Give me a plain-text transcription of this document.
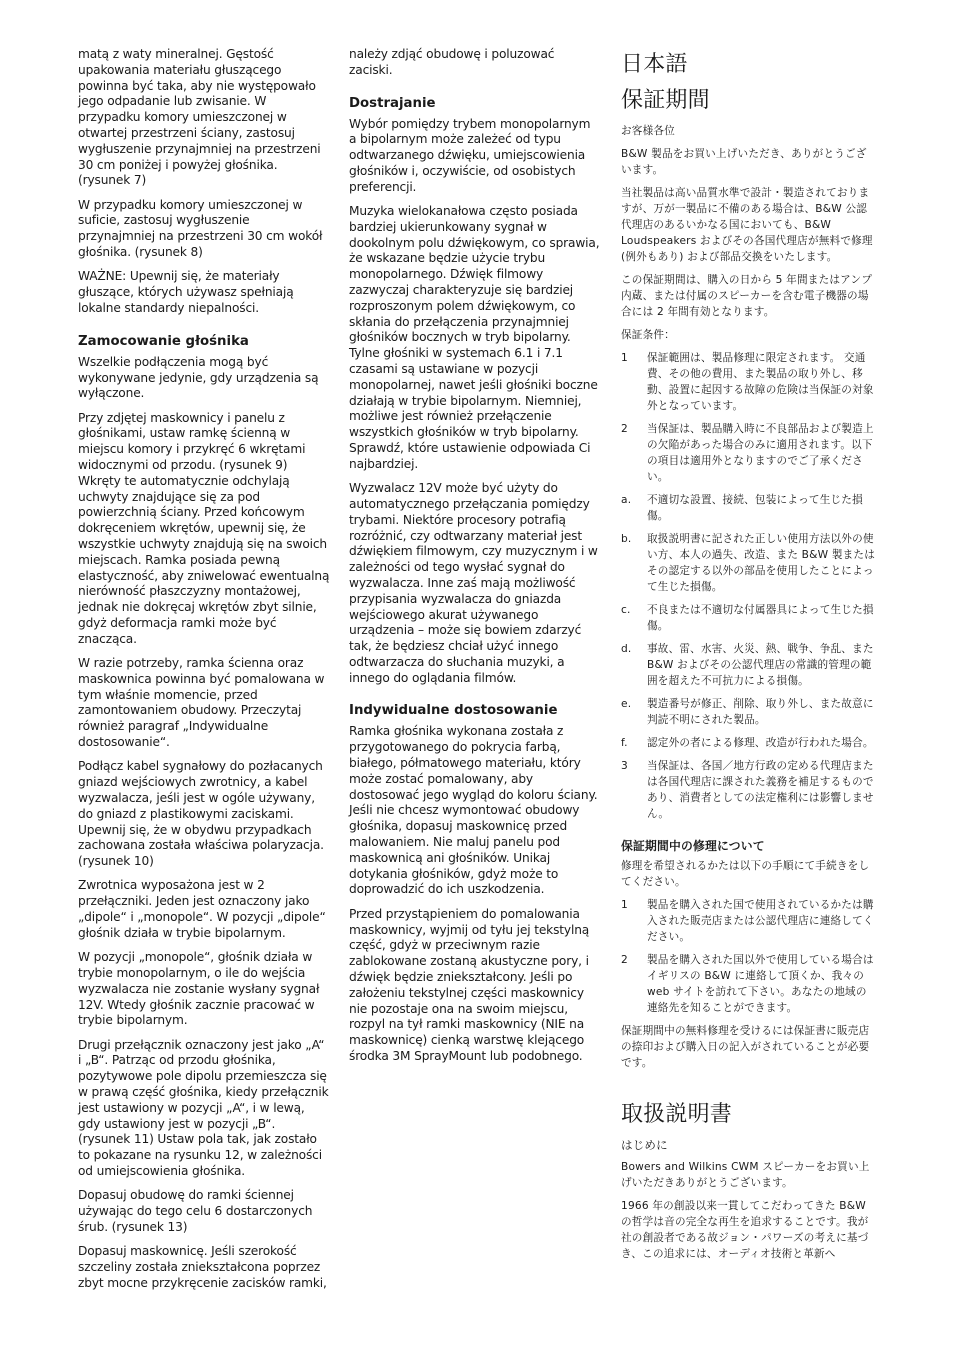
matą z waty mineralnej. Gęstość upakowania materiału głuszącego powinna być taka, aby nie występowało jego odpadanie lub zwisanie. W przypadku komory umieszczonej w otwartej przestrzeni ściany, zastosuj wygłuszenie przynajmniej na przestrzeni 30 cm poniżej i powyżej głośnika. (rysunek 7)

W przypadku komory umieszczonej w suficie, zastosuj wygłuszenie przynajmniej na przestrzeni 30 cm wokół głośnika. (rysunek 8)

WAŻNE: Upewnij się, że materiały głuszące, których używasz spełniają lokalne standardy niepalności.

Zamocowanie głośnika

Wszelkie podłączenia mogą być wykonywane jedynie, gdy urządzenia są wyłączone.

Przy zdjętej maskownicy i panelu z głośnikami, ustaw ramkę ścienną w miejscu komory i przykręć 6 wkrętami widocznymi od przodu. (rysunek 9) Wkręty te automatycznie odchylają uchwyty znajdujące się za pod powierzchnią ściany. Przed końcowym dokręceniem wkrętów, upewnij się, że wszystkie uchwyty znajdują się na swoich miejscach. Ramka posiada pewną elastyczność, aby zniwelować ewentualną nierówność płaszczyzny montażowej, jednak nie dokręcaj wkrętów zbyt silnie, gdyż deformacja ramki może być znacząca.

W razie potrzeby, ramka ścienna oraz maskownica powinna być pomalowana w tym właśnie momencie, przed zamontowaniem obudowy. Przeczytaj również paragraf „Indywidualne dostosowanie“.

Podłącz kabel sygnałowy do pozłacanych gniazd wejściowych zwrotnicy, a kabel wyzwalacza, jeśli jest w ogóle używany, do gniazd z plastikowymi zaciskami. Upewnij się, że w obydwu przypadkach zachowana została właściwa polaryzacja. (rysunek 10)

Zwrotnica wyposażona jest w 2 przełączniki. Jeden jest oznaczony jako „dipole“ i „monopole“. W pozycji „dipole“ głośnik działa w trybie bipolarnym.

W pozycji „monopole“, głośnik działa w trybie monopolarnym, o ile do wejścia wyzwalacza nie zostanie wysłany sygnał 12V. Wtedy głośnik zacznie pracować w trybie bipolarnym.

Drugi przełącznik oznaczony jest jako „A“ i „B“. Patrząc od przodu głośnika, pozytywowe pole dipolu przemieszcza się w prawą część głośnika, kiedy przełącznik jest ustawiony w pozycji „A“, i w lewą, gdy ustawiony jest w pozycji „B“. (rysunek 11) Ustaw pola tak, jak zostało to pokazane na rysunku 12, w zależności od umiejscowienia głośnika.

Dopasuj obudowę do ramki ściennej używając do tego celu 6 dostarczonych śrub. (rysunek 13)

Dopasuj maskownicę. Jeśli szerokość szczeliny została zniekształcona poprzez zbyt mocne przykręcenie zacisków ramki,

należy zdjąć obudowę i poluzować zaciski.

Dostrajanie

Wybór pomiędzy trybem monopolarnym a bipolarnym może zależeć od typu odtwarzanego dźwięku, umiejscowienia głośników i, oczywiście, od osobistych preferencji.

Muzyka wielokanałowa często posiada bardziej ukierunkowany sygnał w dookolnym polu dźwiękowym, co sprawia, że wskazane będzie użycie trybu monopolarnego. Dźwięk filmowy zazwyczaj charakteryzuje się bardziej rozproszonym polem dźwiękowym, co skłania do przełączenia przynajmniej głośników bocznych w tryb bipolarny. Tylne głośniki w systemach 6.1 i 7.1 czasami są ustawiane w pozycji monopolarnej, nawet jeśli głośniki boczne działają w trybie bipolarnym. Niemniej, możliwe jest również przełączenie wszystkich głośników w tryb bipolarny. Sprawdź, które ustawienie odpowiada Ci najbardziej.

Wyzwalacz 12V może być użyty do automatycznego przełączania pomiędzy trybami. Niektóre procesory potrafią rozróżnić, czy odtwarzany materiał jest dźwiękiem filmowym, czy muzycznym i w zależności od tego wysłać sygnał do wyzwalacza. Inne zaś mają możliwość przypisania wyzwalacza do gniazda wejściowego akurat używanego urządzenia – może się bowiem zdarzyć tak, że będziesz chciał użyć innego odtwarzacza do słuchania muzyki, a innego do oglądania filmów.

Indywidualne dostosowanie

Ramka głośnika wykonana została z przygotowanego do pokrycia farbą, białego, półmatowego materiału, który może zostać pomalowany, aby dostosować jego wygląd do koloru ściany. Jeśli nie chcesz wymontować obudowy głośnika, dopasuj maskownicę przed malowaniem. Nie maluj panelu pod maskownicą ani głośników. Unikaj dotykania głośników, gdyż może to doprowadzić do ich uszkodzenia.

Przed przystąpieniem do pomalowania maskownicy, wyjmij od tyłu jej tekstylną część, gdyż w przeciwnym razie zablokowane zostaną akustyczne pory, i dźwięk będzie zniekształcony. Jeśli po założeniu tekstylnej części maskownicy nie pozostaje ona na swoim miejscu, rozpyl na tył ramki maskownicy (NIE na maskownicę) cienką warstwę klejącego środka 3M SprayMount lub podobnego.

日本語
保証期間

お客様各位

B&W 製品をお買い上げいただき、ありがとうございます。

当社製品は高い品質水準で設計・製造されておりますが、万が一製品に不備のある場合は、B&W 公認代理店のあるいかなる国においても、B&W Loudspeakers およびその各国代理店が無料で修理(例外もあり) および部品交換をいたします。

この保証期間は、購入の日から 5 年間またはアンプ内蔵、または付属のスピーカーを含む電子機器の場合には 2 年間有効となります。

保証条件：

1	保証範囲は、製品修理に限定されます。 交通費、その他の費用、また製品の取り外し、移動、設置に起因する故障の危険は当保証の対象外となっています。
2	当保証は、製品購入時に不良部品および製造上の欠陥があった場合のみに適用されます。以下の項目は適用外となりますのでご了承ください。
a.	不適切な設置、接続、包装によって生じた損傷。
b.	取扱説明書に記された正しい使用方法以外の使い方、本人の過失、改造、また B&W 製またはその認定する以外の部品を使用したことによって生じた損傷。
c.	不良または不適切な付属器具によって生じた損傷。
d.	事故、雷、水害、火災、熱、戦争、争乱、また B&W およびその公認代理店の常識的管理の範囲を超えた不可抗力による損傷。
e.	製造番号が修正、削除、取り外し、また故意に判読不明にされた製品。
f.	認定外の者による修理、改造が行われた場合。
3	当保証は、各国／地方行政の定める代理店または各国代理店に課された義務を補足するものであり、消費者としての法定権利には影響しません。
保証期間中の修理について

修理を希望されるかたは以下の手順にて手続きをしてください。

1	製品を購入された国で使用されているかたは購入された販売店または公認代理店に連絡してください。
2	製品を購入された国以外で使用している場合はイギリスの B&W に連絡して頂くか、我々の web サイトを訪れて下さい。あなたの地域の連絡先を知ることができます。

保証期間中の無料修理を受けるには保証書に販売店の捺印および購入日の記入がされていることが必要です。

取扱説明書
はじめに

Bowers and Wilkins CWM スピーカーをお買い上げいただきありがとうございます。

1966 年の創設以来一貫してこだわってきた B&W の哲学は音の完全な再生を追求することです。我が社の創設者である故ジョン・パワーズの考えに基づき、この追求には、オーディオ技術と革新へ
